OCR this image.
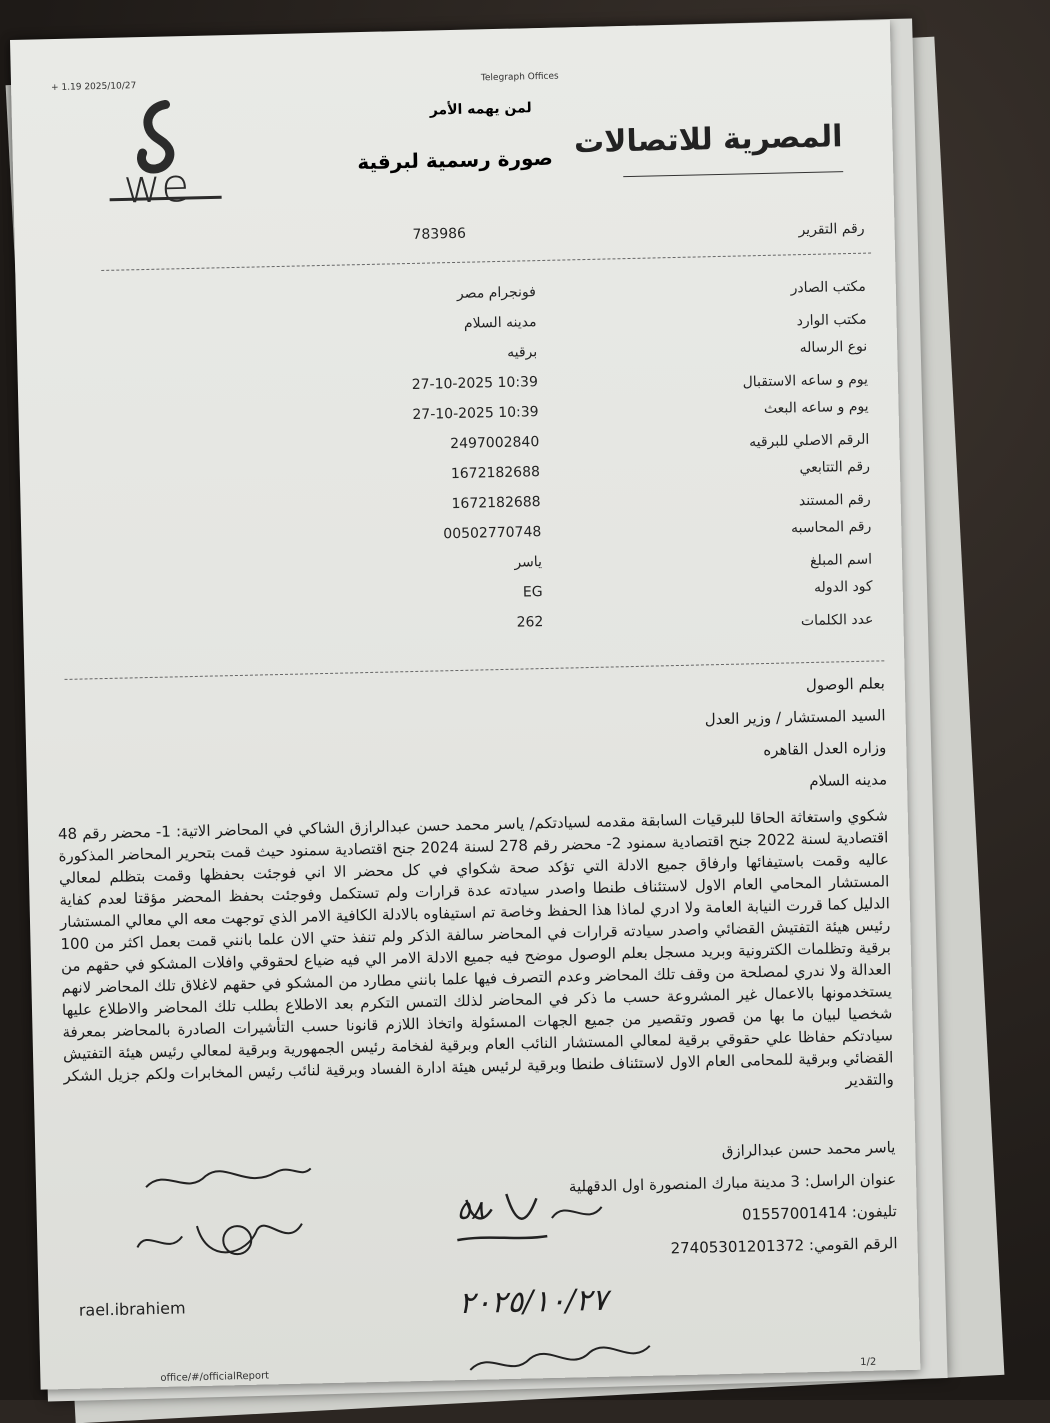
+ 1.19 2025/10/27
Telegraph Offices
لمن يهمه الأمر
we	صورة رسمية لبرقية المصرية للاتصالات
رقم التقرير
783986
مكتب الصادر
فونجرام مصر
مكتب الوارد
مدينه السلام
نوع الرساله
برقيه
يوم و ساعه الاستقبال
27-10-2025 10:39
يوم و ساعه البعث
27-10-2025 10:39
الرقم الاصلي للبرقيه
2497002840
رقم التتابعي
1672182688
رقم المستند
1672182688
رقم المحاسبه
00502770748
اسم المبلغ
ياسر
كود الدوله
EG
عدد الكلمات
262
بعلم الوصول
السيد المستشار / وزير العدل
وزاره العدل القاهره
مدينه السلام
شكوي واستغاثة الحاقا للبرقيات السابقة مقدمه لسيادتكم/ ياسر محمد حسن عبدالرازق الشاكي في المحاضر الاتية: 1- محضر رقم 48 اقتصادية لسنة 2022 جنح اقتصادية سمنود 2- محضر رقم 278 لسنة 2024 جنح اقتصادية سمنود حيث قمت بتحرير المحاضر المذكورة عاليه وقمت باستيفائها وارفاق جميع الادلة التي تؤكد صحة شكواي في كل محضر الا اني فوجئت بحفظها وقمت بتظلم لمعالي المستشار المحامي العام الاول لاستئناف طنطا واصدر سيادته عدة قرارات ولم تستكمل وفوجئت بحفظ المحضر مؤقتا لعدم كفاية الدليل كما قررت النيابة العامة ولا ادري لماذا هذا الحفظ وخاصة تم استيفاوه بالادلة الكافية الامر الذي توجهت معه الي معالي المستشار رئيس هيئة التفتيش القضائي واصدر سيادته قرارات في المحاضر سالفة الذكر ولم تنفذ حتي الان علما بانني قمت بعمل اكثر من 100 برقية وتظلمات الكترونية وبريد مسجل بعلم الوصول موضح فيه جميع الادلة الامر الي فيه ضياع لحقوقي وافلات المشكو في حقهم من العدالة ولا ندري لمصلحة من وقف تلك المحاضر وعدم التصرف فيها علما بانني مطارد من المشكو في حقهم لاغلاق تلك المحاضر لانهم يستخدمونها بالاعمال غير المشروعة حسب ما ذكر في المحاضر لذلك التمس التكرم بعد الاطلاع بطلب تلك المحاضر والاطلاع عليها شخصيا لبيان ما بها من قصور وتقصير من جميع الجهات المسئولة واتخاذ اللازم قانونا حسب التأشيرات الصادرة بالمحاضر بمعرفة سيادتكم حفاظا علي حقوقي برقية لمعالي المستشار النائب العام وبرقية لفخامة رئيس الجمهورية وبرقية لمعالي رئيس هيئة التفتيش القضائي وبرقية للمحامى العام الاول لاستئناف طنطا وبرقية لرئيس هيئة ادارة الفساد وبرقية لنائب رئيس المخابرات ولكم جزيل الشكر والتقدير
ياسر محمد حسن عبدالرازق
عنوان الراسل: 3 مدينة مبارك المنصورة اول الدقهلية
تليفون: 01557001414
الرقم القومي: 27405301201372
٥٨
٢٠٢٥/١٠/٢٧
rael.ibrahiem
office/#/officialReport
1/2
